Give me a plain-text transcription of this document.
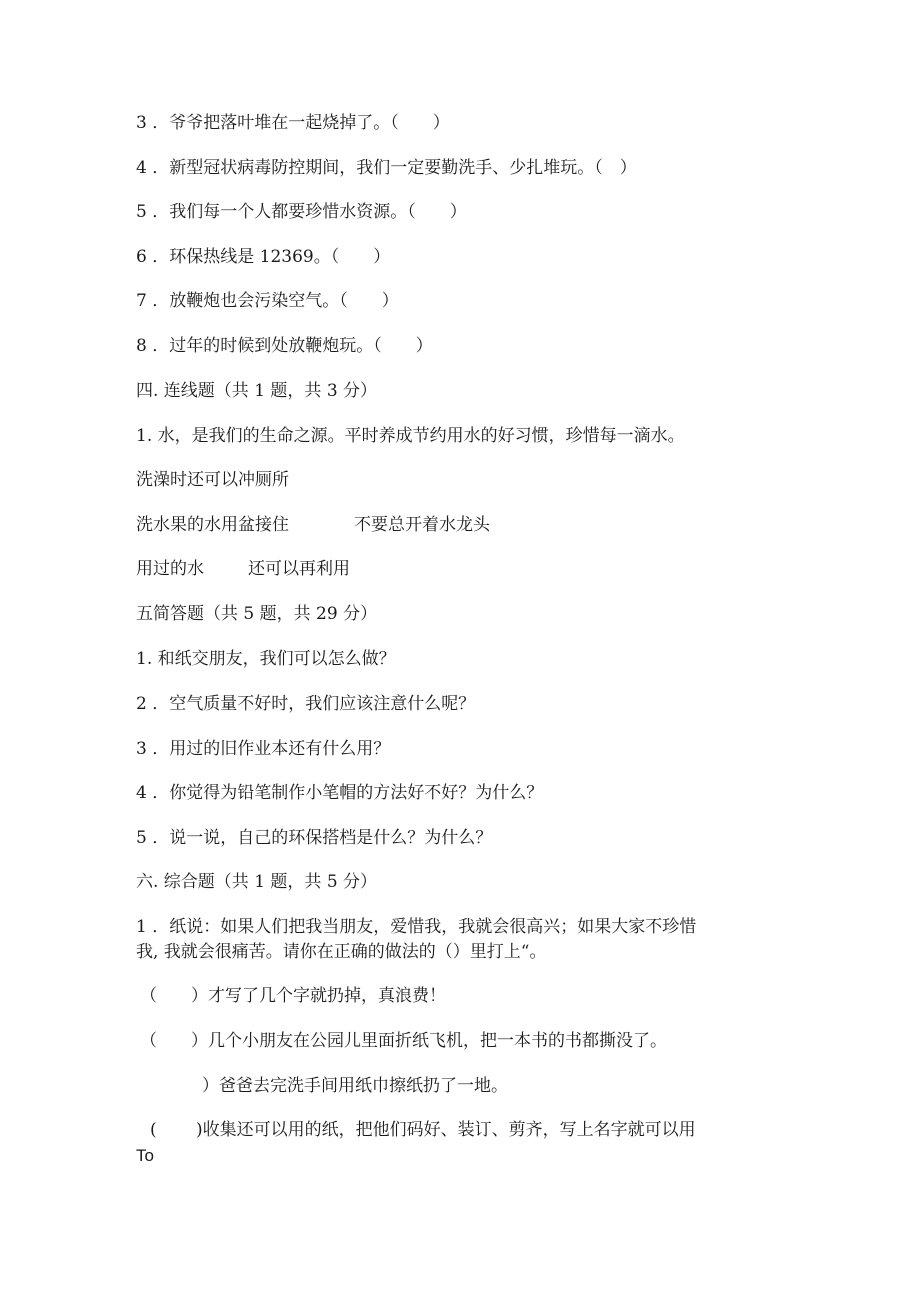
3 ．爷爷把落叶堆在一起烧掉了。（　　）
4 ．新型冠状病毒防控期间，我们一定要勤洗手、少扎堆玩。（　）
5 ．我们每一个人都要珍惜水资源。（　　）
6 ．环保热线是 12369。（　　）
7 ．放鞭炮也会污染空气。（　　）
8 ．过年的时候到处放鞭炮玩。（　　）
四. 连线题（共 1 题，共 3 分）
1. 水，是我们的生命之源。平时养成节约用水的好习惯，珍惜每一滴水。
洗澡时还可以冲厕所
洗水果的水用盆接住	不要总开着水龙头
用过的水	还可以再利用
五简答题（共 5 题，共 29 分）
1. 和纸交朋友，我们可以怎么做？
2 ．空气质量不好时，我们应该注意什么呢？
3 ．用过的旧作业本还有什么用？
4 ．你觉得为铅笔制作小笔帽的方法好不好？为什么？
5 ．说一说，自己的环保搭档是什么？为什么？
六. 综合题（共 1 题，共 5 分）
1 ．纸说：如果人们把我当朋友，爱惜我，我就会很高兴；如果大家不珍惜
我, 我就会很痛苦。请你在正确的做法的（）里打上“。
（　　）才写了几个字就扔掉，真浪费！
（　　）几个小朋友在公园儿里面折纸飞机，把一本书的书都撕没了。
）爸爸去完洗手间用纸巾擦纸扔了一地。
(　　 )收集还可以用的纸，把他们码好、装订、剪齐，写上名字就可以用
To
